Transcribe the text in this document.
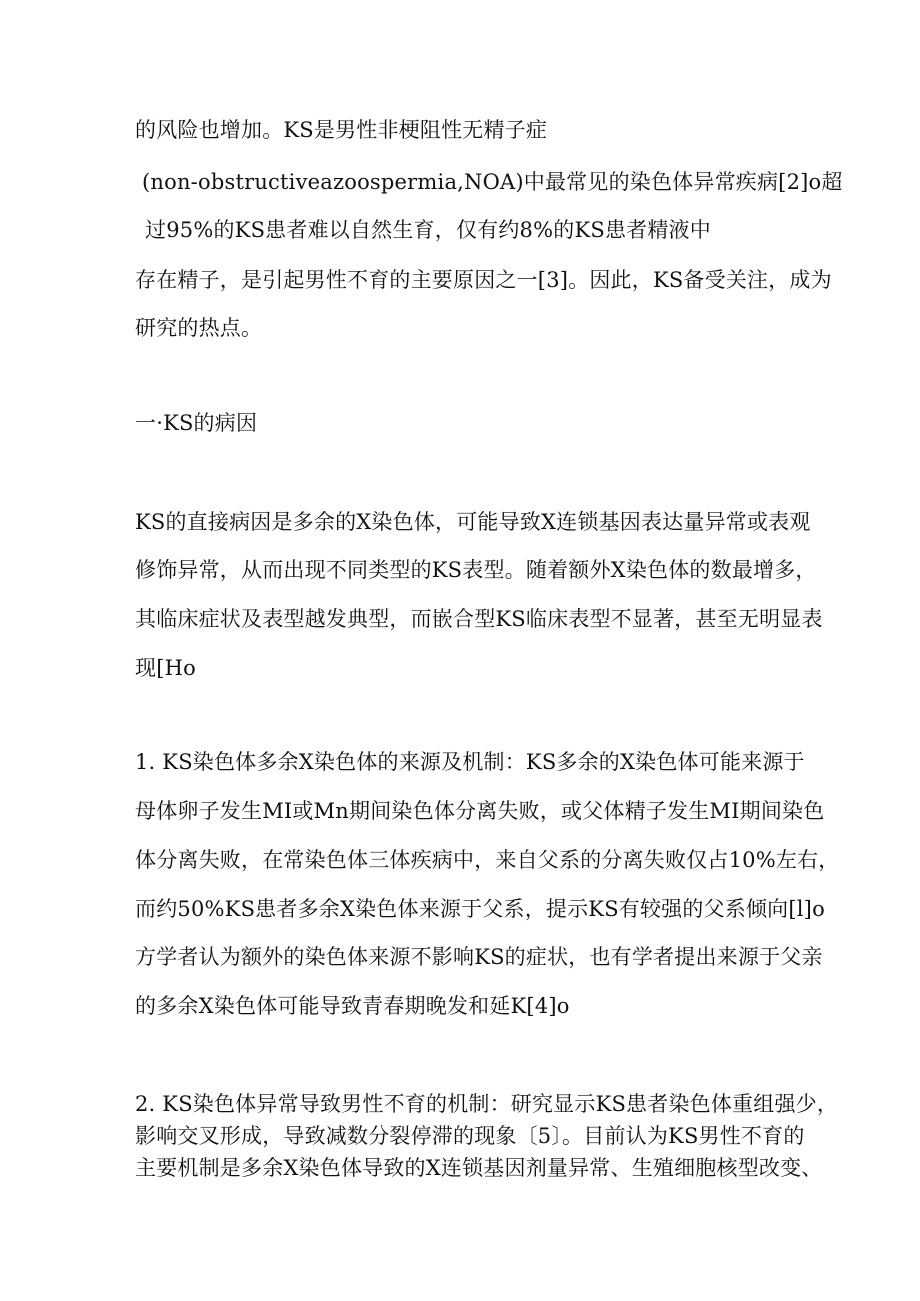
的风险也增加。KS是男性非梗阻性无精子症
(non-obstructiveazoospermia,NOA)中最常见的染色体异常疾病[2]o超
过95%的KS患者难以自然生育，仅有约8%的KS患者精液中
存在精子，是引起男性不育的主要原因之一[3]。因此，KS备受关注，成为
研究的热点。
一·KS的病因
KS的直接病因是多余的X染色体，可能导致X连锁基因表达量异常或表观
修饰异常，从而出现不同类型的KS表型。随着额外X染色体的数最增多，
其临床症状及表型越发典型，而嵌合型KS临床表型不显著，甚至无明显表
现[Ho
1. KS染色体多余X染色体的来源及机制：KS多余的X染色体可能来源于
母体卵子发生MI或Mn期间染色体分离失败，或父体精子发生MI期间染色
体分离失败，在常染色体三体疾病中，来自父系的分离失败仅占10%左右，
而约50%KS患者多余X染色体来源于父系，提示KS有较强的父系倾向[l]o
方学者认为额外的染色体来源不影响KS的症状，也有学者提出来源于父亲
的多余X染色体可能导致青春期晚发和延K[4]o
2. KS染色体异常导致男性不育的机制：研究显示KS患者染色体重组强少，
影响交叉形成，导致减数分裂停滞的现象〔5〕。目前认为KS男性不育的
主要机制是多余X染色体导致的X连锁基因剂量异常、生殖细胞核型改变、
